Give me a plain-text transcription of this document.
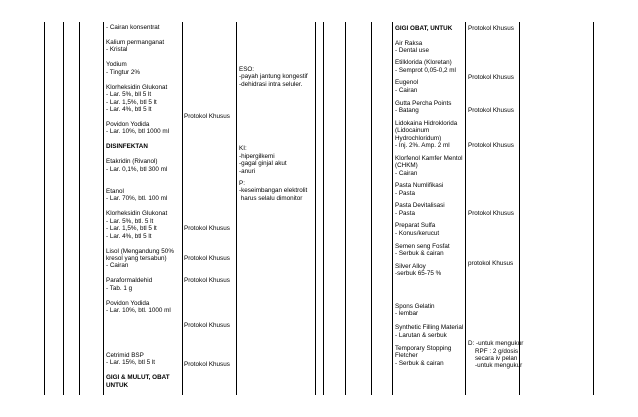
- Cairan konsentrat
Kalium permanganat
- Kristal
Yodium
- Tingtur 2%
Klorheksidin Glukonat
- Lar. 5%, bll 5 lt
- Lar. 1,5%, btl 5 lt
- Lar. 4%, btl 5 lt
Povidon Yodida
- Lar. 10%, btl 1000 ml
DISINFEKTAN
Etakridin (Rivanol)
- Lar. 0,1%, btl 300 ml
Etanol
- Lar. 70%, btl. 100 ml
Klorheksidin Glukonat
- Lar. 5%, btl. 5 lt
- Lar. 1,5%, btl 5 lt
- Lar. 4%, btl 5 lt
Lisol (Mengandung 50%
kresol yang tersabun)
- Cairan
Paraformaldehid
- Tab. 1 g
Povidon Yodida
- Lar. 10%, btl. 1000 ml
Cetrimid BSP
- Lar. 15%, btl 5 lt
GIGI & MULUT, OBAT
UNTUK
Protokol Khusus
Protokol Khusus
Protokol Khusus
Protokol Khusus
Protokol Khusus
Protokol Khusus
ESO:
-payah jantung kongestif
-dehidrasi intra seluler.
KI:
-hipergilkemi
-gagal ginjal akut
-anuri
P:
-keseimbangan elektrolit
harus selalu dimonitor
GIGI OBAT, UNTUK
Air Raksa
- Dental use
Etilklorida (Kloretan)
- Semprot 0,05-0,2 ml
Eugenol
- Cairan
Gutta Percha Points
- Batang
Lidokaina Hidroklorida
(Lidocainum
Hydrochloridum)
- Inj. 2%. Amp. 2 ml
Klorfenol Kamfer Mentol
(CHKM)
- Cairan
Pasta Numlifikasi
- Pasta
Pasta Devitalisasi
- Pasta
Preparat Sulfa
- Konus/kerucut
Semen seng Fosfat
- Serbuk & cairan
Silver Alloy
-serbuk 65-75 %
Spons Gelatin
- lembar
Synthetic Filling Material
- Larutan & serbuk
Temporary Stopping
Fletcher
- Serbuk & cairan
Protokol Khusus
Protokol Khusus
Protokol Khusus
Protokol Khusus
Protokol Khusus
protokol Khusus
D: -untuk mengukur
RPF : 2 g/dosis
secara iv pelan
-untuk mengukur
